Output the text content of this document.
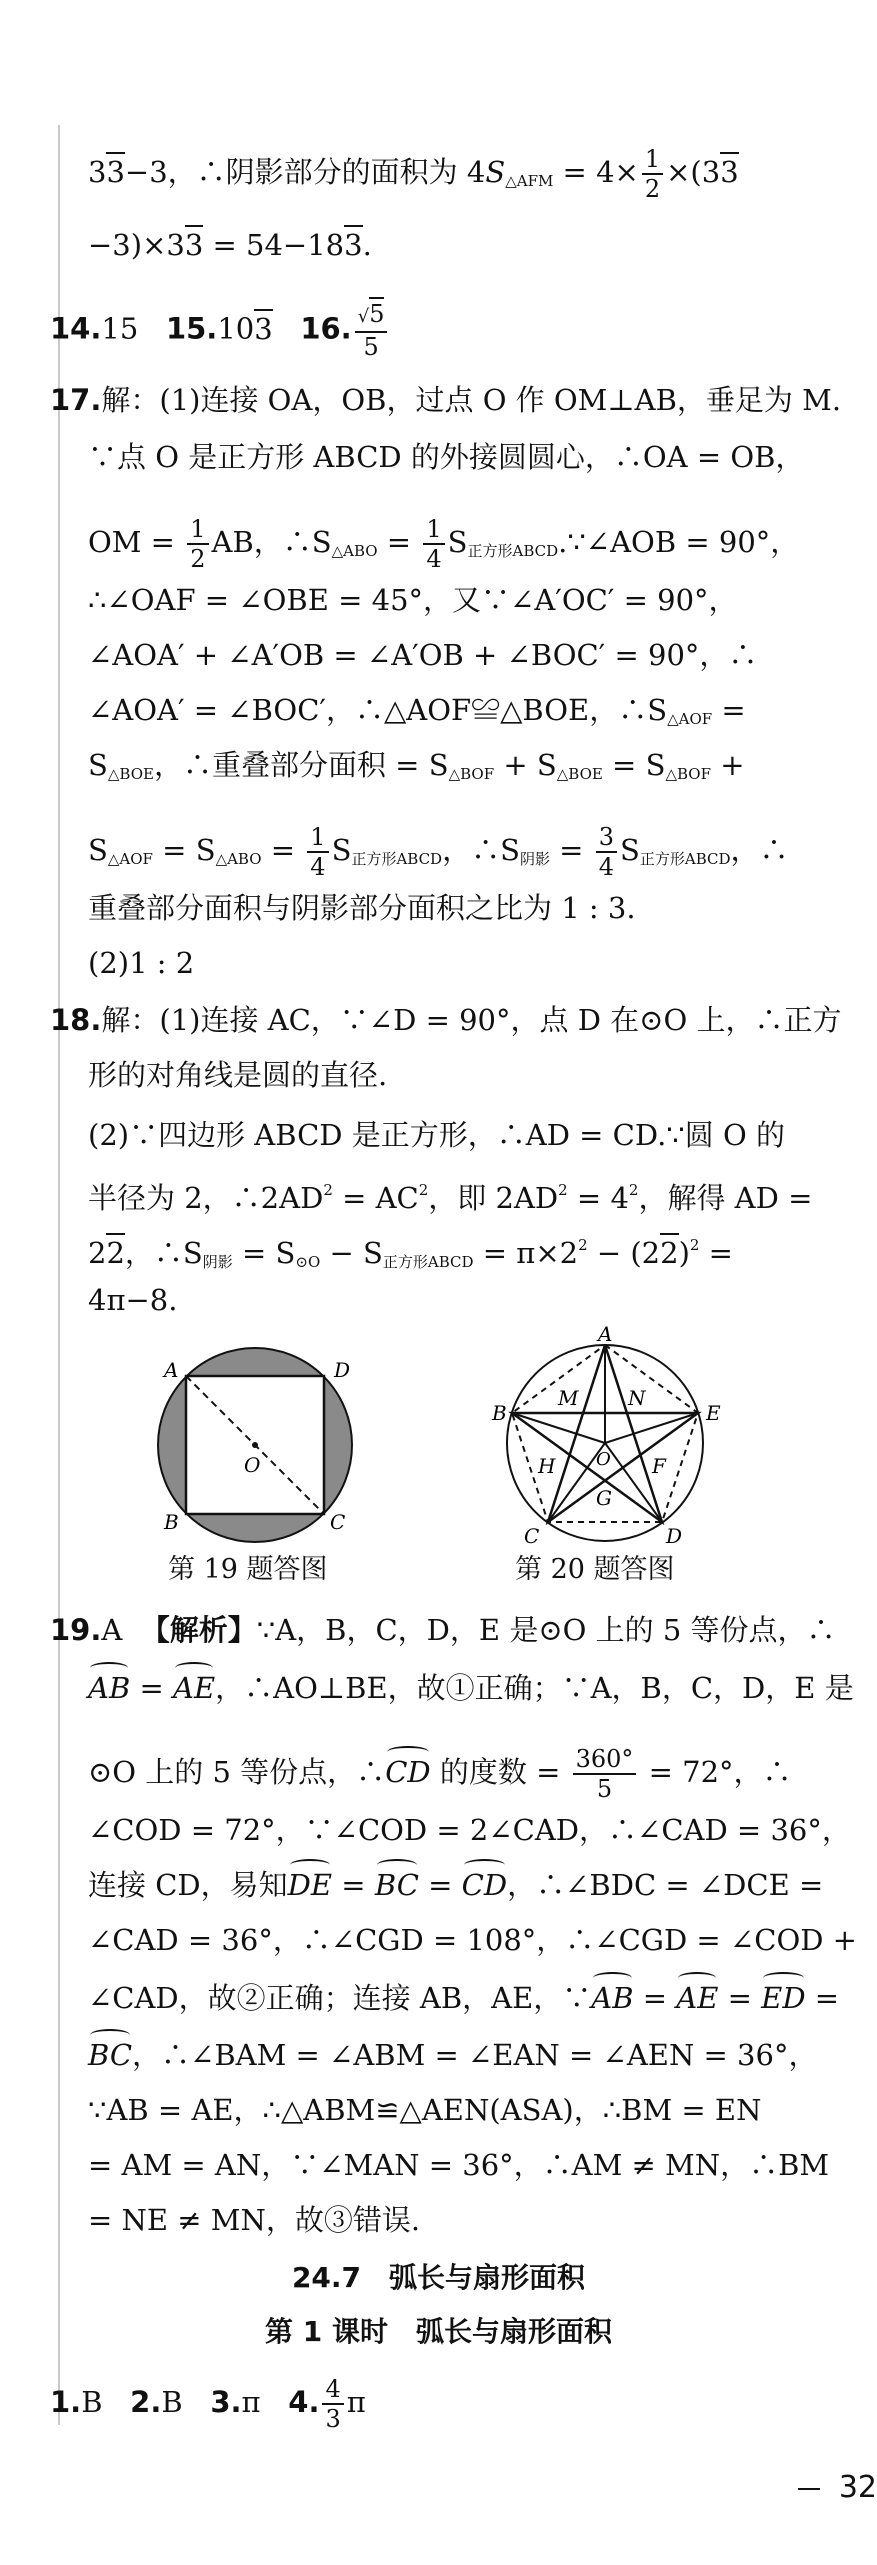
33−3，∴阴影部分的面积为 $4S_{\triangle AFM} = 4\times \frac{1}{2} \times(33$
−3)×33 = 54−183.
14.15 15.103 16. $\frac{√5}{5}$
17.解：(1)连接 OA，OB，过点 O 作 OM⊥AB，垂足为 M.
∵点 O 是正方形 ABCD 的外接圆圆心，∴OA = OB，
OM = $\frac{1}{2}$ AB，$\therefore S_{\triangle ABO} = \frac{1}{4}$ $S_{正方形ABCD}.\because\angle AOB = 90^\circ$，
∴∠OAF = ∠OBE = 45°，又∵∠A′OC′ = 90°，
∠AOA′ + ∠A′OB = ∠A′OB + ∠BOC′ = 90°，∴
∠AOA′ = ∠BOC′，∴△AOF≌△BOE，$\therefore S_{\triangle AOF}$ =
$S_{\triangle BOE}$，∴重叠部分面积 = $S_{\triangle BOF} + S_{\triangle BOE} = S_{\triangle BOF}$ +
$S_{\triangle AOF} = S_{\triangle ABO} = \frac{1}{4} S_{正方形ABCD}$，$\therefore S_{阴影} = \frac{3}{4} S_{正方形ABCD}$，∴
重叠部分面积与阴影部分面积之比为 1 : 3.
(2)1 : 2
18.解：(1)连接 AC，∵∠D = 90°，点 D 在⊙O 上，∴正方
形的对角线是圆的直径.
(2)∵四边形 ABCD 是正方形，∴AD = CD.∵圆 O 的
半径为 2，$\therefore 2AD^2 = AC^2$，即 $2AD^2 = 4^2$，解得 AD =
22，$\therefore S_{阴影} = S_{⊙O} - S_{正方形ABCD} = \pi\times 2^2 - (22)^2$ =
4π−8.
A	D
B	C
O
第 19 题答图
A
E
B
C	D
M N
H	F
O
G
第 20 题答图
19.A 【解析】∵A，B，C，D，E 是⊙O 上的 5 等份点，∴
AB = AE，∴AO⊥BE，故①正确；∵A，B，C，D，E 是
⊙O 上的 5 等份点，∴CD 的度数 = $\frac{360^\circ}{5} = 72^\circ$，∴
∠COD = 72°，∵∠COD = 2∠CAD，∴∠CAD = 36°，
连接 CD，易知DE = BC = CD，∴∠BDC = ∠DCE =
∠CAD = 36°，∴∠CGD = 108°，∴∠CGD = ∠COD +
∠CAD，故②正确；连接 AB，AE，∵AB = AE = ED =
BC，∴∠BAM = ∠ABM = ∠EAN = ∠AEN = 36°，
∵AB = AE，∴△ABM≌△AEN(ASA)，∴BM = EN
= AM = AN，∵∠MAN = 36°，∴AM ≠ MN，∴BM
= NE ≠ MN，故③错误.
24.7　弧长与扇形面积
第 1 课时　弧长与扇形面积
1.B 2.B 3.π 4. $\frac{4}{3}$ π
32
